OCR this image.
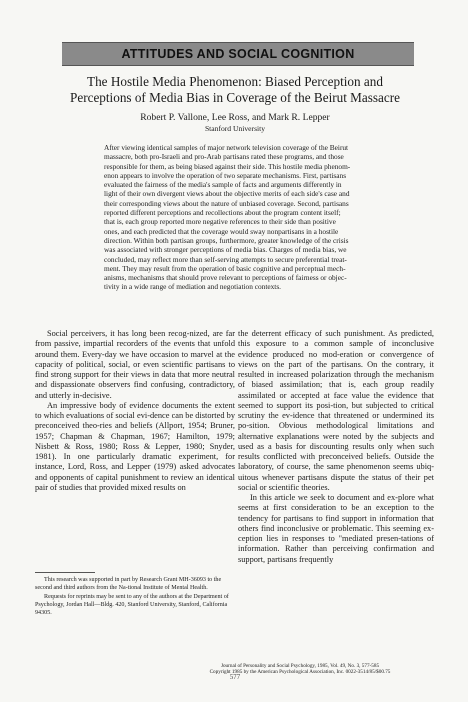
ATTITUDES AND SOCIAL COGNITION
The Hostile Media Phenomenon: Biased Perception and
Perceptions of Media Bias in Coverage of the Beirut Massacre
Robert P. Vallone, Lee Ross, and Mark R. Lepper
Stanford University
After viewing identical samples of major network television coverage of the Beirut
massacre, both pro-Israeli and pro-Arab partisans rated these programs, and those
responsible for them, as being biased against their side. This hostile media phenom-
enon appears to involve the operation of two separate mechanisms. First, partisans
evaluated the fairness of the media's sample of facts and arguments differently in
light of their own divergent views about the objective merits of each side's case and
their corresponding views about the nature of unbiased coverage. Second, partisans
reported different perceptions and recollections about the program content itself;
that is, each group reported more negative references to their side than positive
ones, and each predicted that the coverage would sway nonpartisans in a hostile
direction. Within both partisan groups, furthermore, greater knowledge of the crisis
was associated with stronger perceptions of media bias. Charges of media bias, we
concluded, may reflect more than self-serving attempts to secure preferential treat-
ment. They may result from the operation of basic cognitive and perceptual mech-
anisms, mechanisms that should prove relevant to perceptions of fairness or objec-
tivity in a wide range of mediation and negotiation contexts.

Social perceivers, it has long been recog-nized, are far from passive, impartial recorders of the events that unfold around them. Every-day we have occasion to marvel at the capacity of political, social, or even scientific partisans to find strong support for their views in data that more neutral and dispassionate observers find confusing, contradictory, and utterly in-decisive.

An impressive body of evidence documents the extent to which evaluations of social evi-dence can be distorted by preconceived theo-ries and beliefs (Allport, 1954; Bruner, 1957; Chapman & Chapman, 1967; Hamilton, 1979; Nisbett & Ross, 1980; Ross & Lepper, 1980; Snyder, 1981). In one particularly dramatic experiment, for instance, Lord, Ross, and Lepper (1979) asked advocates and opponents of capital punishment to review an identical pair of studies that provided mixed results on

the deterrent efficacy of such punishment. As predicted, this exposure to a common sample of inconclusive evidence produced no mod-eration or convergence of views on the part of the partisans. On the contrary, it resulted in increased polarization through the mechanism of biased assimilation; that is, each group readily assimilated or accepted at face value the evidence that seemed to support its posi-tion, but subjected to critical scrutiny the ev-idence that threatened or undermined its po-sition. Obvious methodological limitations and alternative explanations were noted by the subjects and used as a basis for discounting results only when such results conflicted with preconceived beliefs. Outside the laboratory, of course, the same phenomenon seems ubiq-uitous whenever partisans dispute the status of their pet social or scientific theories.

In this article we seek to document and ex-plore what seems at first consideration to be an exception to the tendency for partisans to find support in information that others find inconclusive or problematic. This seeming ex-ception lies in responses to "mediated presen-tations of information. Rather than perceiving confirmation and support, partisans frequently

This research was supported in part by Research Grant MH-36093 to the second and third authors from the Na-tional Institute of Mental Health.

Requests for reprints may be sent to any of the authors at the Department of Psychology, Jordan Hall—Bldg. 420, Stanford University, Stanford, California 94305.

Journal of Personality and Social Psychology, 1985, Vol. 49, No. 3, 577-585
Copyright 1985 by the American Psychological Association, Inc. 0022-3514/85/$00.75
577
